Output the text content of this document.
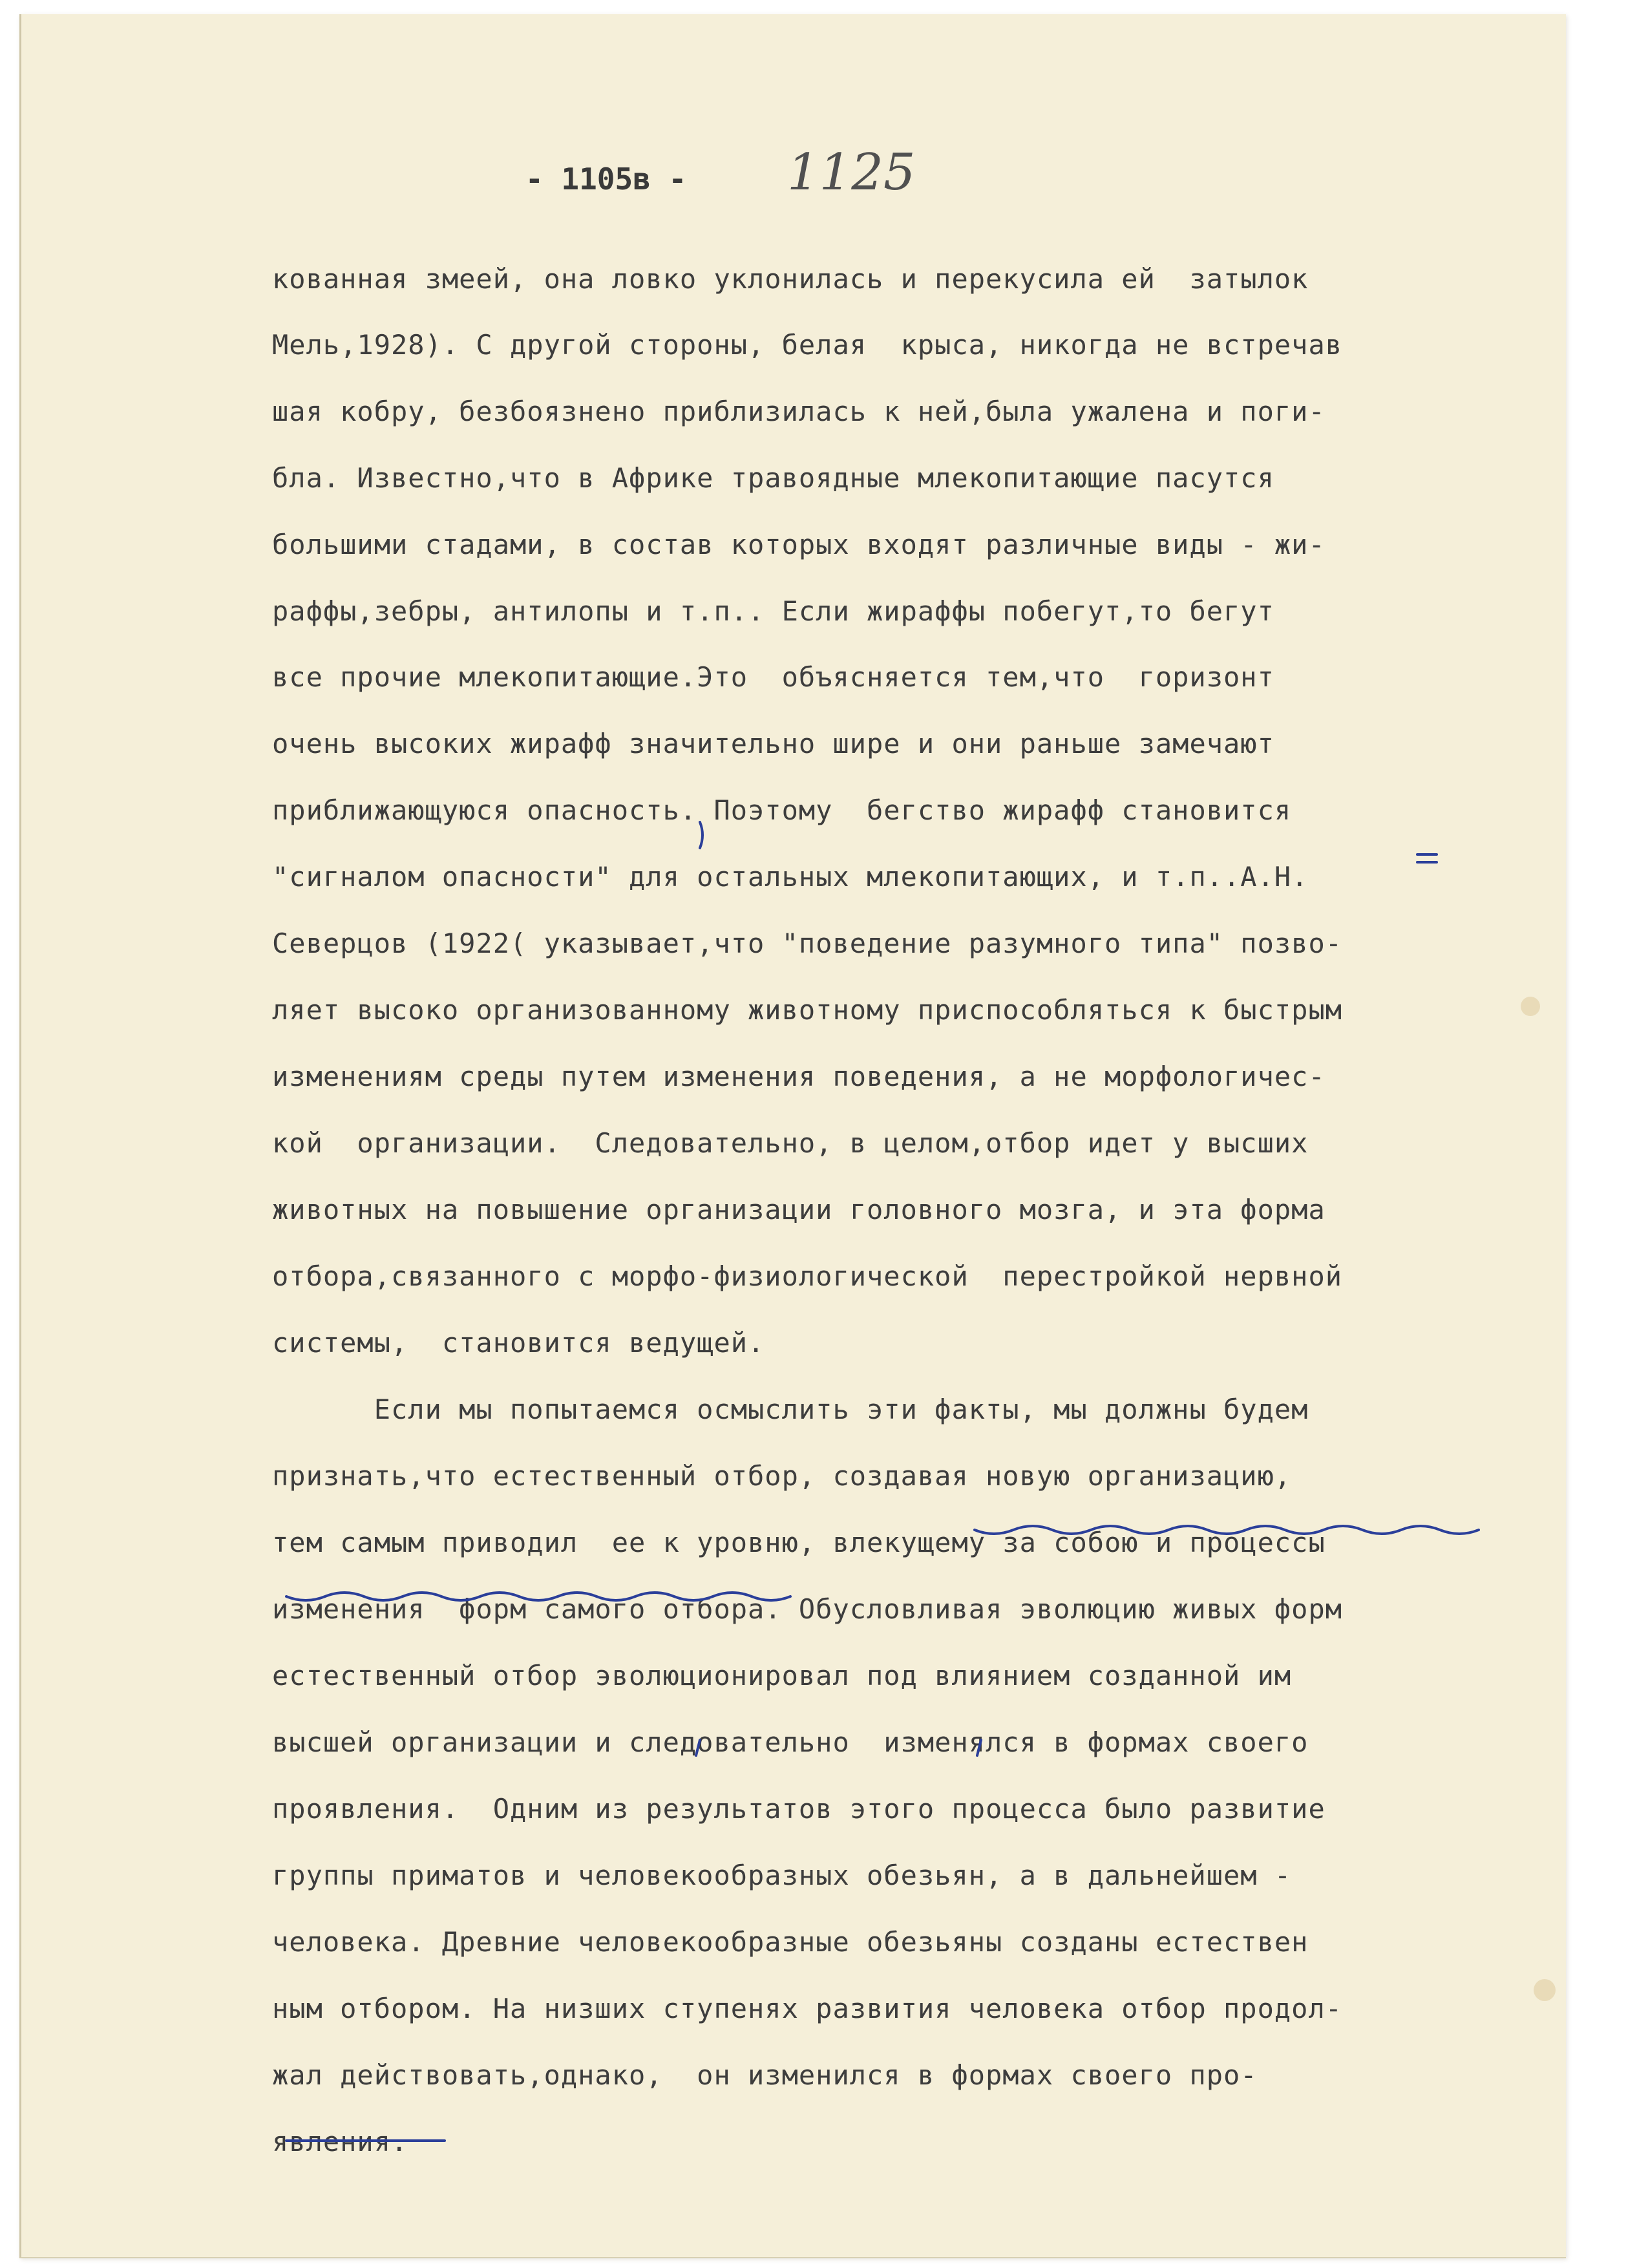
- 1105в - 1125

кованная змеей, она ловко уклонилась и перекусила ей  затылок

Мель,1928). С другой стороны, белая  крыса, никогда не встречав

шая кобру, безбоязнено приблизилась к ней,была ужалена и поги-

бла. Известно,что в Африке травоядные млекопитающие пасутся

большими стадами, в состав которых входят различные виды - жи-

раффы,зебры, антилопы и т.п.. Если жираффы побегут,то бегут

все прочие млекопитающие.Это  объясняется тем,что  горизонт

очень высоких жирафф значительно шире и они раньше замечают

приближающуюся опасность. Поэтому  бегство жирафф становится

"сигналом опасности" для остальных млекопитающих, и т.п..А.Н.

Северцов (1922( указывает,что "поведение разумного типа" позво-

ляет высоко организованному животному приспособляться к быстрым

изменениям среды путем изменения поведения, а не морфологичес-

кой  организации.  Следовательно, в целом,отбор идет у высших

животных на повышение организации головного мозга, и эта форма

отбора,связанного с морфо-физиологической  перестройкой нервной

системы,  становится ведущей.

Если мы попытаемся осмыслить эти факты, мы должны будем

признать,что естественный отбор, создавая новую организацию,

тем самым приводил  ее к уровню, влекущему за собою и процессы

изменения  форм самого отбора. Обусловливая эволюцию живых форм

естественный отбор эволюционировал под влиянием созданной им

высшей организации и следовательно  изменялся в формах своего

проявления.  Одним из результатов этого процесса было развитие

группы приматов и человекообразных обезьян, а в дальнейшем -

человека. Древние человекообразные обезьяны созданы естествен

ным отбором. На низших ступенях развития человека отбор продол-

жал действовать,однако,  он изменился в формах своего про-

явления.
